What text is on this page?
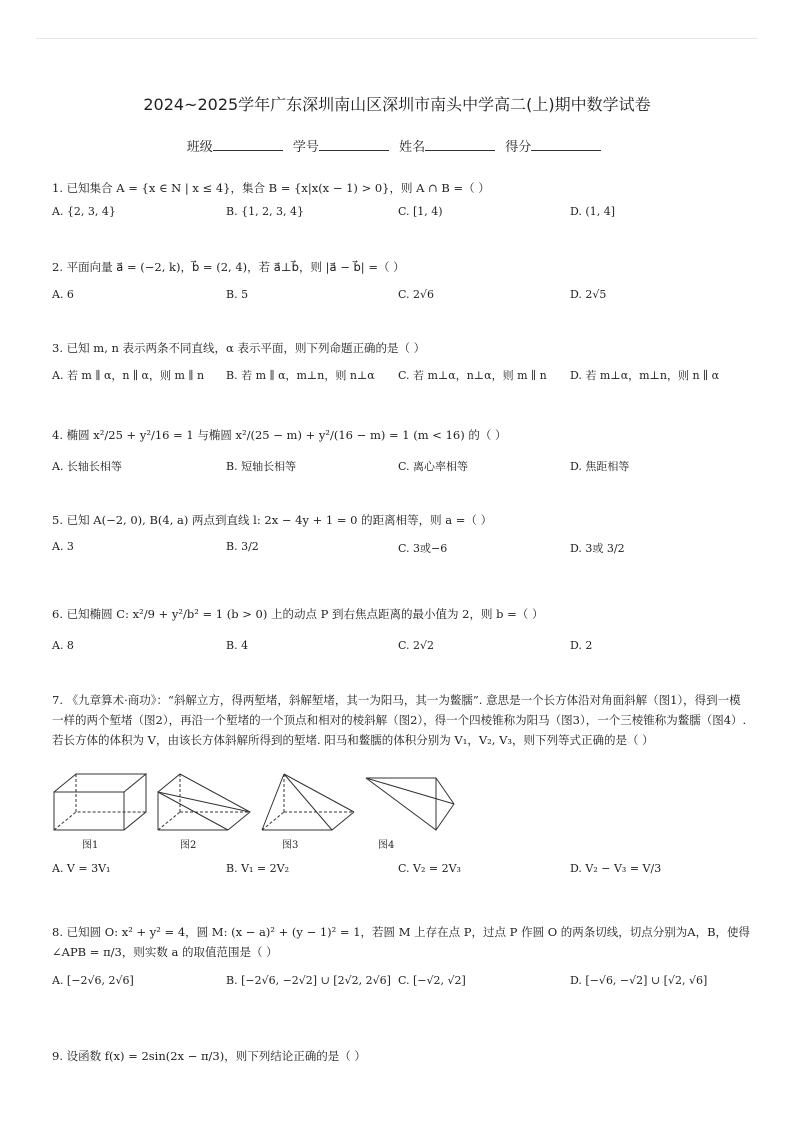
2024~2025学年广东深圳南山区深圳市南头中学高二(上)期中数学试卷
班级	学号	姓名	得分
1. 已知集合 A = {x ∈ N | x ≤ 4}，集合 B = {x|x(x − 1) > 0}，则 A ∩ B =（ ）
A. {2, 3, 4}	B. {1, 2, 3, 4}	C. [1, 4)	D. (1, 4]
2. 平面向量 a⃗ = (−2, k)，b⃗ = (2, 4)，若 a⃗⊥b⃗，则 |a⃗ − b⃗| =（ ）
A. 6	B. 5	C. 2√6	D. 2√5
3. 已知 m, n 表示两条不同直线，α 表示平面，则下列命题正确的是（ ）
A. 若 m ∥ α，n ∥ α，则 m ∥ n B. 若 m ∥ α，m⊥n，则 n⊥α C. 若 m⊥α，n⊥α，则 m ∥ n D. 若 m⊥α，m⊥n，则 n ∥ α
4. 椭圆 x²/25 + y²/16 = 1 与椭圆 x²/(25 − m) + y²/(16 − m) = 1 (m < 16) 的（ ）
A. 长轴长相等	B. 短轴长相等	C. 离心率相等	D. 焦距相等
5. 已知 A(−2, 0), B(4, a) 两点到直线 l: 2x − 4y + 1 = 0 的距离相等，则 a =（ ）
A. 3	B. 3/2	C. 3或−6	D. 3或 3/2
6. 已知椭圆 C: x²/9 + y²/b² = 1 (b > 0) 上的动点 P 到右焦点距离的最小值为 2，则 b =（ ）
A. 8	B. 4	C. 2√2	D. 2
7. 《九章算术·商功》：“斜解立方，得两堑堵，斜解堑堵，其一为阳马，其一为鳖臑”. 意思是一个长方体沿对角面斜解（图1），得到一模一样的两个堑堵（图2），再沿一个堑堵的一个顶点和相对的棱斜解（图2），得一个四棱锥称为阳马（图3），一个三棱锥称为鳖臑（图4）. 若长方体的体积为 V，由该长方体斜解所得到的堑堵. 阳马和鳖臑的体积分别为 V₁，V₂, V₃，则下列等式正确的是（ ）
图1	图2	图3	图4
A. V = 3V₁	B. V₁ = 2V₂	C. V₂ = 2V₃	D. V₂ − V₃ = V/3
8. 已知圆 O: x² + y² = 4，圆 M: (x − a)² + (y − 1)² = 1，若圆 M 上存在点 P，过点 P 作圆 O 的两条切线，切点分别为A，B，使得 ∠APB = π/3，则实数 a 的取值范围是（ ）
A. [−2√6, 2√6]	B. [−2√6, −2√2] ∪ [2√2, 2√6] C. [−√2, √2]	D. [−√6, −√2] ∪ [√2, √6]
9. 设函数 f(x) = 2sin(2x − π/3)，则下列结论正确的是（ ）
